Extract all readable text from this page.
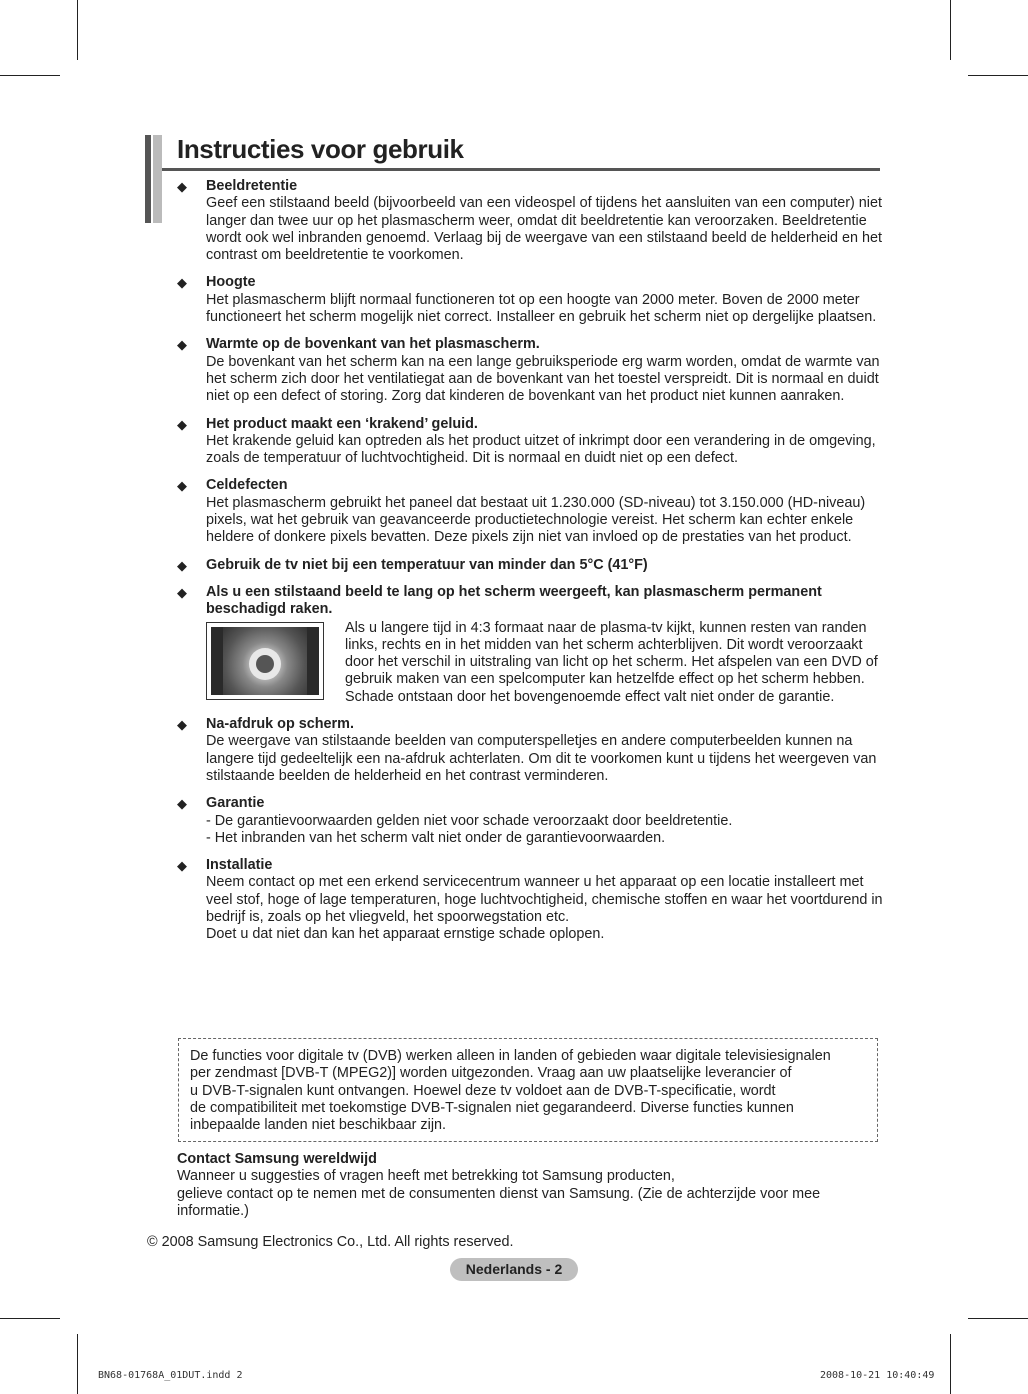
Instructies voor gebruik
◆ Beeldretentie
Geef een stilstaand beeld (bijvoorbeeld van een videospel of tijdens het aansluiten van een computer) niet langer dan twee uur op het plasmascherm weer, omdat dit beeldretentie kan veroorzaken. Beeldretentie wordt ook wel inbranden genoemd. Verlaag bij de weergave van een stilstaand beeld de helderheid en het contrast om beeldretentie te voorkomen.
◆ Hoogte
Het plasmascherm blijft normaal functioneren tot op een hoogte van 2000 meter. Boven de 2000 meter functioneert het scherm mogelijk niet correct. Installeer en gebruik het scherm niet op dergelijke plaatsen.
◆ Warmte op de bovenkant van het plasmascherm.
De bovenkant van het scherm kan na een lange gebruiksperiode erg warm worden, omdat de warmte van het scherm zich door het ventilatiegat aan de bovenkant van het toestel verspreidt. Dit is normaal en duidt niet op een defect of storing. Zorg dat kinderen de bovenkant van het product niet kunnen aanraken.
◆ Het product maakt een ‘krakend’ geluid.
Het krakende geluid kan optreden als het product uitzet of inkrimpt door een verandering in de omgeving, zoals de temperatuur of luchtvochtigheid. Dit is normaal en duidt niet op een defect.
◆ Celdefecten
Het plasmascherm gebruikt het paneel dat bestaat uit 1.230.000 (SD-niveau) tot 3.150.000 (HD-niveau) pixels, wat het gebruik van geavanceerde productietechnologie vereist. Het scherm kan echter enkele heldere of donkere pixels bevatten. Deze pixels zijn niet van invloed op de prestaties van het product.
◆ Gebruik de tv niet bij een temperatuur van minder dan 5°C (41°F)
◆ Als u een stilstaand beeld te lang op het scherm weergeeft, kan plasmascherm permanent beschadigd raken.
Als u langere tijd in 4:3 formaat naar de plasma-tv kijkt, kunnen resten van randen links, rechts en in het midden van het scherm achterblijven. Dit wordt veroorzaakt door het verschil in uitstraling van licht op het scherm. Het afspelen van een DVD of gebruik maken van een spelcomputer kan hetzelfde effect op het scherm hebben. Schade ontstaan door het bovengenoemde effect valt niet onder de garantie.
◆ Na-afdruk op scherm.
De weergave van stilstaande beelden van computerspelletjes en andere computerbeelden kunnen na langere tijd gedeeltelijk een na-afdruk achterlaten. Om dit te voorkomen kunt u tijdens het weergeven van stilstaande beelden de helderheid en het contrast verminderen.
◆ Garantie
- De garantievoorwaarden gelden niet voor schade veroorzaakt door beeldretentie.
- Het inbranden van het scherm valt niet onder de garantievoorwaarden.
◆ Installatie
Neem contact op met een erkend servicecentrum wanneer u het apparaat op een locatie installeert met veel stof, hoge of lage temperaturen, hoge luchtvochtigheid, chemische stoffen en waar het voortdurend in bedrijf is, zoals op het vliegveld, het spoorwegstation etc.
Doet u dat niet dan kan het apparaat ernstige schade oplopen.
De functies voor digitale tv (DVB) werken alleen in landen of gebieden waar digitale televisiesignalen
per zendmast [DVB-T (MPEG2)] worden uitgezonden. Vraag aan uw plaatselijke leverancier of
u DVB-T-signalen kunt ontvangen. Hoewel deze tv voldoet aan de DVB-T-specificatie, wordt
de compatibiliteit met toekomstige DVB-T-signalen niet gegarandeerd. Diverse functies kunnen
inbepaalde landen niet beschikbaar zijn.
Contact Samsung wereldwijd
Wanneer u suggesties of vragen heeft met betrekking tot Samsung producten,
gelieve contact op te nemen met de consumenten dienst van Samsung. (Zie de achterzijde voor mee informatie.)
© 2008 Samsung Electronics Co., Ltd. All rights reserved.
Nederlands - 2
BN68-01768A_01DUT.indd 2	2008-10-21 10:40:49
